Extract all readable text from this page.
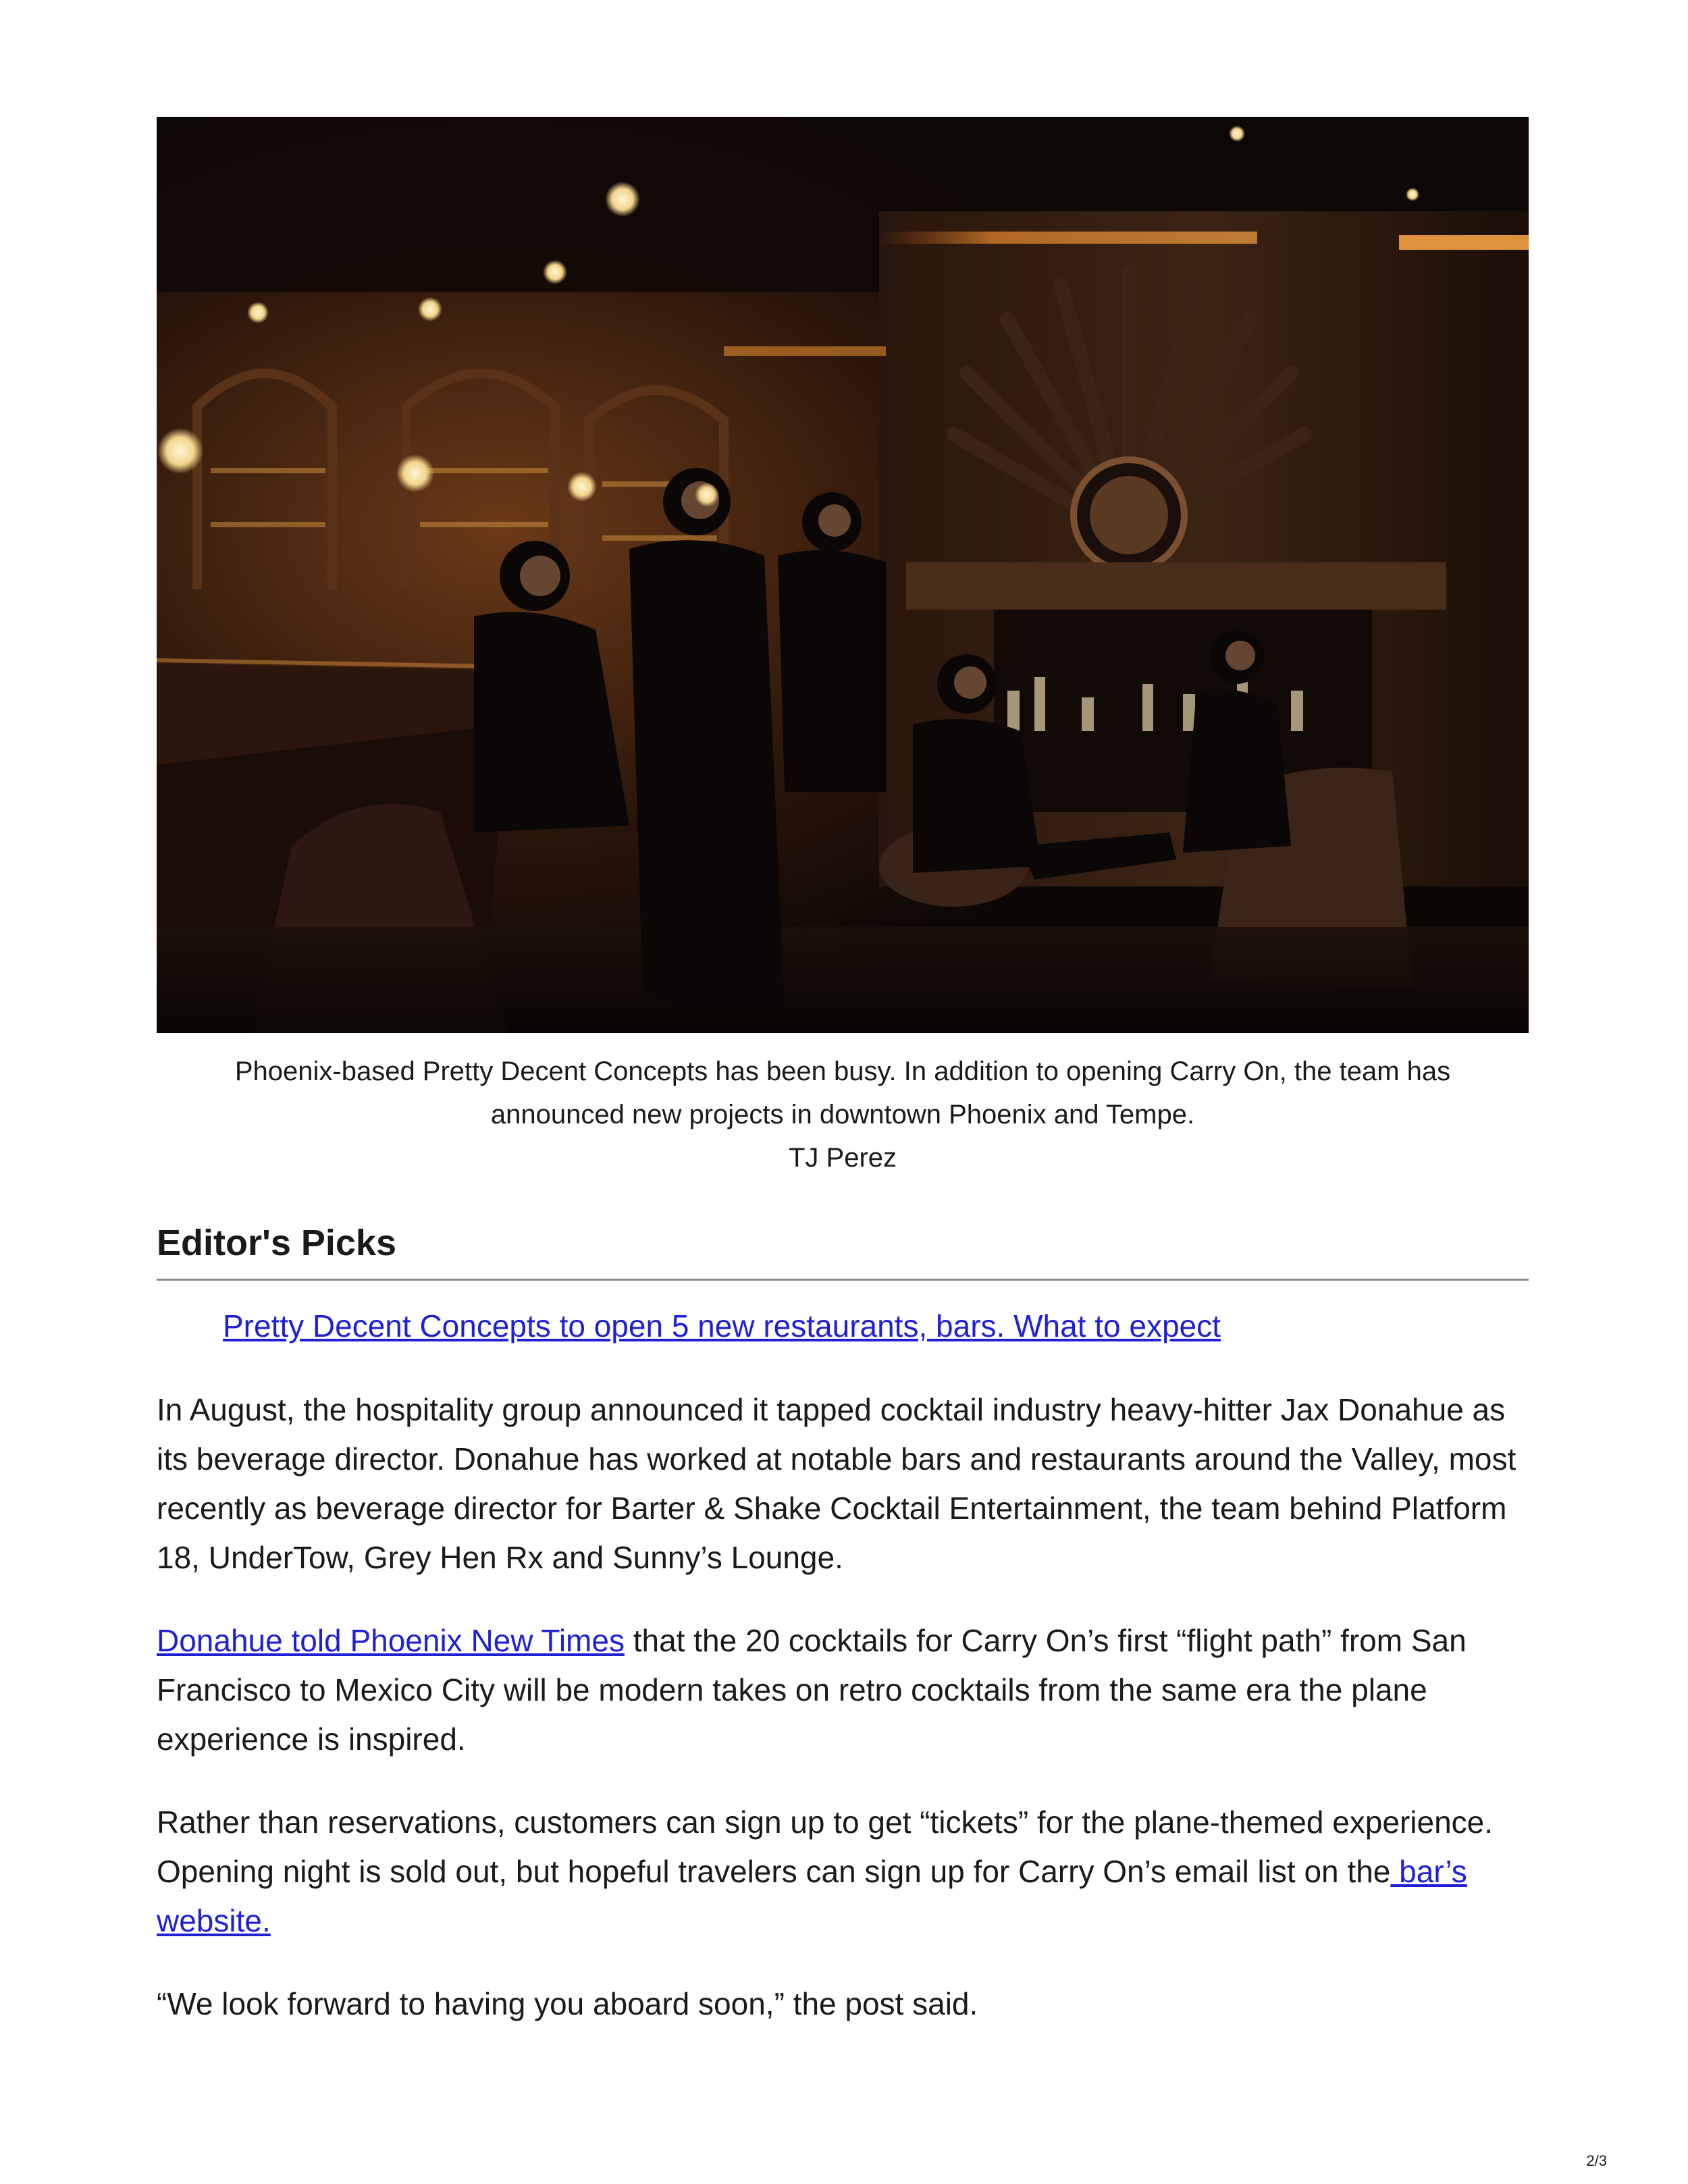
Phoenix-based Pretty Decent Concepts has been busy. In addition to opening Carry On, the team has

announced new projects in downtown Phoenix and Tempe.

TJ Perez

Editor's Picks
Pretty Decent Concepts to open 5 new restaurants, bars. What to expect

In August, the hospitality group announced it tapped cocktail industry heavy-hitter Jax Donahue as its beverage director. Donahue has worked at notable bars and restaurants around the Valley, most recently as beverage director for Barter & Shake Cocktail Entertainment, the team behind Platform 18, UnderTow, Grey Hen Rx and Sunny’s Lounge.

Donahue told Phoenix New Times that the 20 cocktails for Carry On’s first “flight path” from San Francisco to Mexico City will be modern takes on retro cocktails from the same era the plane experience is inspired.

Rather than reservations, customers can sign up to get “tickets” for the plane-themed experience. Opening night is sold out, but hopeful travelers can sign up for Carry On’s email list on the bar’s website.

“We look forward to having you aboard soon,” the post said.

2/3
